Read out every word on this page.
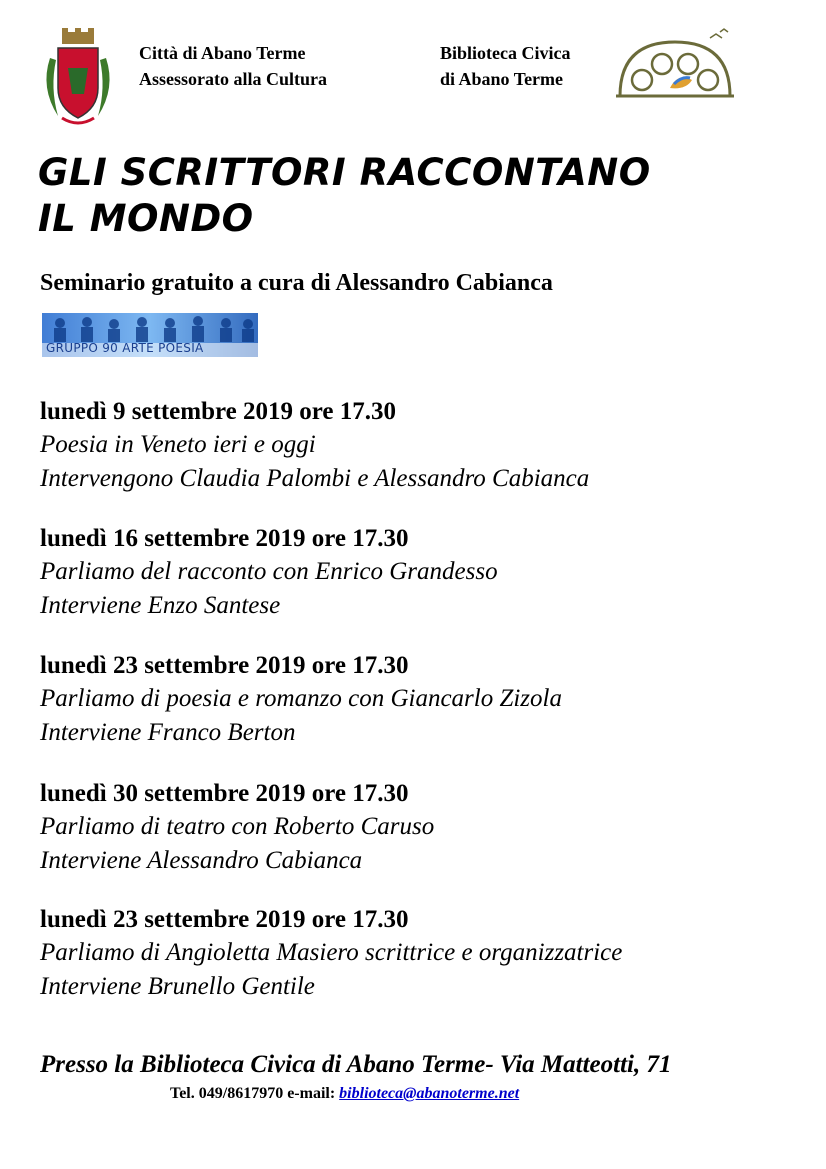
Città di Abano Terme
Assessorato alla Cultura
Biblioteca Civica
di Abano Terme
GLI SCRITTORI RACCONTANO
IL MONDO
Seminario gratuito a cura di Alessandro Cabianca
GRUPPO 90 ARTE POESIA
lunedì 9 settembre 2019 ore 17.30
Poesia in Veneto ieri e oggi
Intervengono Claudia Palombi e Alessandro Cabianca
lunedì 16 settembre 2019 ore 17.30
Parliamo del racconto con Enrico Grandesso
Interviene Enzo Santese
lunedì 23 settembre 2019 ore 17.30
Parliamo di poesia e romanzo con Giancarlo Zizola
Interviene Franco Berton
lunedì 30 settembre 2019 ore 17.30
Parliamo di teatro con Roberto Caruso
Interviene Alessandro Cabianca
lunedì 23 settembre 2019 ore 17.30
Parliamo di Angioletta Masiero scrittrice e organizzatrice
Interviene Brunello Gentile
Presso la Biblioteca Civica di Abano Terme- Via Matteotti, 71
Tel. 049/8617970 e-mail: biblioteca@abanoterme.net
